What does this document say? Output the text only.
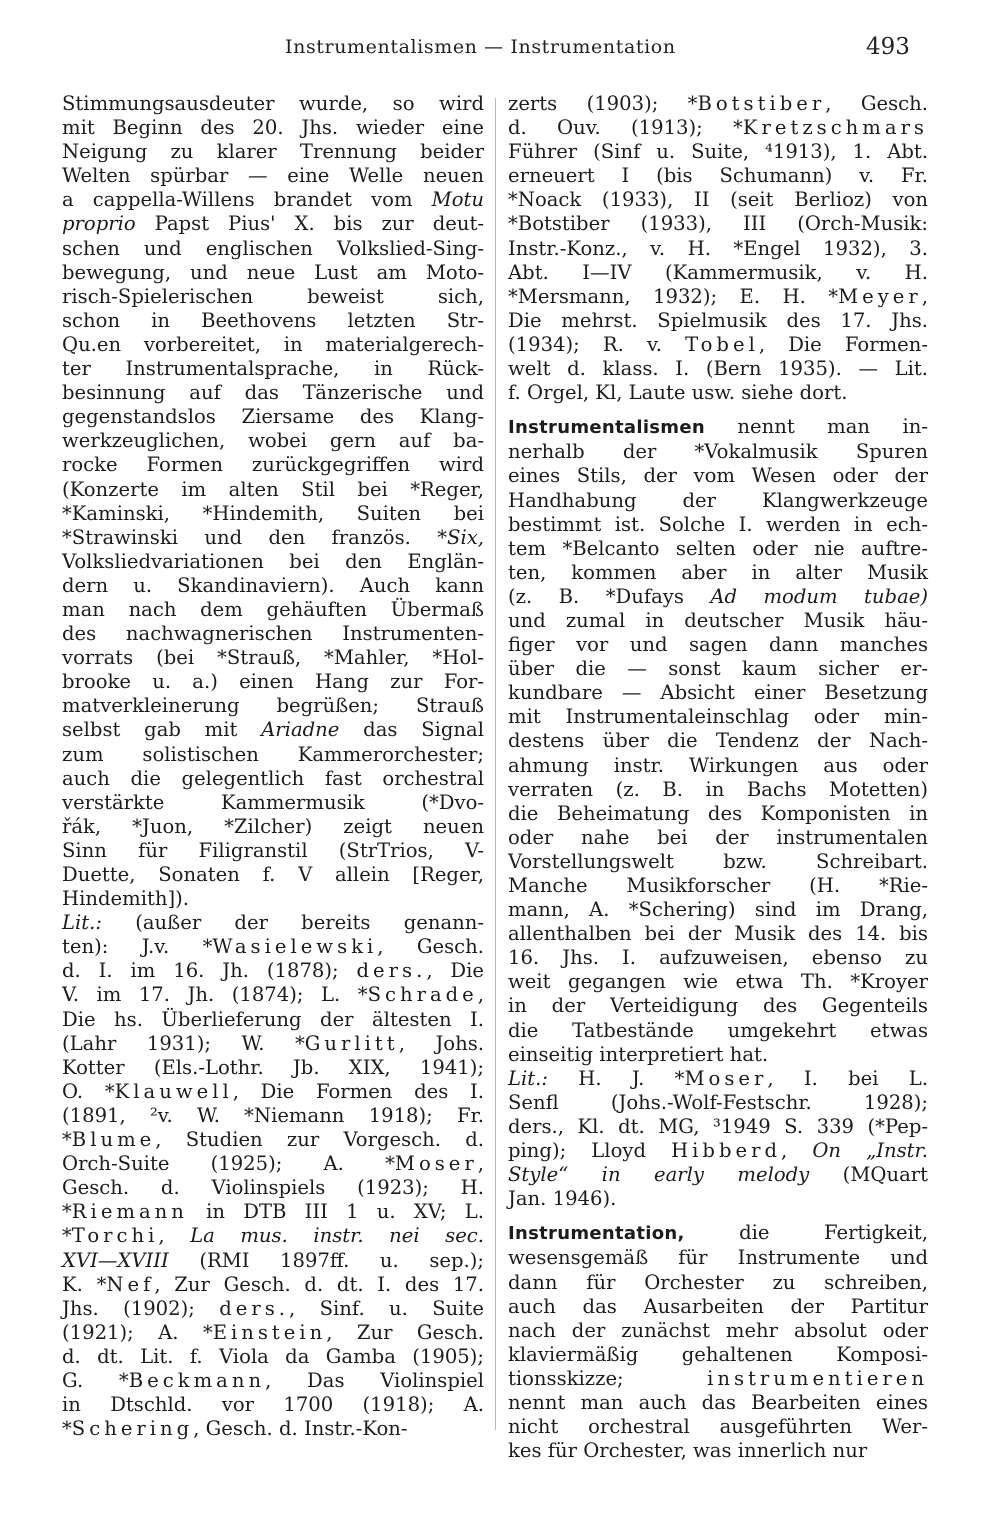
Instrumentalismen — Instrumentation	493
Stimmungsausdeuter wurde, so wird
mit Beginn des 20. Jhs. wieder eine
Neigung zu klarer Trennung beider
Welten spürbar — eine Welle neuen
a cappella-Willens brandet vom Motu
proprio Papst Pius' X. bis zur deut-
schen und englischen Volkslied-Sing-
bewegung, und neue Lust am Moto-
risch-Spielerischen beweist sich,
schon in Beethovens letzten Str-
Qu.en vorbereitet, in materialgerech-
ter Instrumentalsprache, in Rück-
besinnung auf das Tänzerische und
gegenstandslos Ziersame des Klang-
werkzeuglichen, wobei gern auf ba-
rocke Formen zurückgegriffen wird
(Konzerte im alten Stil bei *Reger,
*Kaminski, *Hindemith, Suiten bei
*Strawinski und den französ. *Six,
Volksliedvariationen bei den Englän-
dern u. Skandinaviern). Auch kann
man nach dem gehäuften Übermaß
des nachwagnerischen Instrumenten-
vorrats (bei *Strauß, *Mahler, *Hol-
brooke u. a.) einen Hang zur For-
matverkleinerung begrüßen; Strauß
selbst gab mit Ariadne das Signal
zum solistischen Kammerorchester;
auch die gelegentlich fast orchestral
verstärkte Kammermusik (*Dvo-
řák, *Juon, *Zilcher) zeigt neuen
Sinn für Filigranstil (StrTrios, V-
Duette, Sonaten f. V allein [Reger,
Hindemith]).
Lit.: (außer der bereits genann-
ten): J.v. *Wasielewski, Gesch.
d. I. im 16. Jh. (1878); ders., Die
V. im 17. Jh. (1874); L. *Schrade,
Die hs. Überlieferung der ältesten I.
(Lahr 1931); W. *Gurlitt, Johs.
Kotter (Els.-Lothr. Jb. XIX, 1941);
O. *Klauwell, Die Formen des I.
(1891, ²v. W. *Niemann 1918); Fr.
*Blume, Studien zur Vorgesch. d.
Orch-Suite (1925); A. *Moser,
Gesch. d. Violinspiels (1923); H.
*Riemann in DTB III 1 u. XV; L.
*Torchi, La mus. instr. nei sec.
XVI—XVIII (RMI 1897ff. u. sep.);
K. *Nef, Zur Gesch. d. dt. I. des 17.
Jhs. (1902); ders., Sinf. u. Suite
(1921); A. *Einstein, Zur Gesch.
d. dt. Lit. f. Viola da Gamba (1905);
G. *Beckmann, Das Violinspiel
in Dtschld. vor 1700 (1918); A.
*Schering, Gesch. d. Instr.-Kon-
zerts (1903); *Botstiber, Gesch.
d. Ouv. (1913); *Kretzschmars
Führer (Sinf u. Suite, ⁴1913), 1. Abt.
erneuert I (bis Schumann) v. Fr.
*Noack (1933), II (seit Berlioz) von
*Botstiber (1933), III (Orch-Musik:
Instr.-Konz., v. H. *Engel 1932), 3.
Abt. I—IV (Kammermusik, v. H.
*Mersmann, 1932); E. H. *Meyer,
Die mehrst. Spielmusik des 17. Jhs.
(1934); R. v. Tobel, Die Formen-
welt d. klass. I. (Bern 1935). — Lit.
f. Orgel, Kl, Laute usw. siehe dort.
Instrumentalismen nennt man in-
nerhalb der *Vokalmusik Spuren
eines Stils, der vom Wesen oder der
Handhabung der Klangwerkzeuge
bestimmt ist. Solche I. werden in ech-
tem *Belcanto selten oder nie auftre-
ten, kommen aber in alter Musik
(z. B. *Dufays Ad modum tubae)
und zumal in deutscher Musik häu-
figer vor und sagen dann manches
über die — sonst kaum sicher er-
kundbare — Absicht einer Besetzung
mit Instrumentaleinschlag oder min-
destens über die Tendenz der Nach-
ahmung instr. Wirkungen aus oder
verraten (z. B. in Bachs Motetten)
die Beheimatung des Komponisten in
oder nahe bei der instrumentalen
Vorstellungswelt bzw. Schreibart.
Manche Musikforscher (H. *Rie-
mann, A. *Schering) sind im Drang,
allenthalben bei der Musik des 14. bis
16. Jhs. I. aufzuweisen, ebenso zu
weit gegangen wie etwa Th. *Kroyer
in der Verteidigung des Gegenteils
die Tatbestände umgekehrt etwas
einseitig interpretiert hat.
Lit.: H. J. *Moser, I. bei L.
Senfl (Johs.-Wolf-Festschr. 1928);
ders., Kl. dt. MG, ³1949 S. 339 (*Pep-
ping); Lloyd Hibberd, On „Instr.
Style“ in early melody (MQuart
Jan. 1946).
Instrumentation, die Fertigkeit,
wesensgemäß für Instrumente und
dann für Orchester zu schreiben,
auch das Ausarbeiten der Partitur
nach der zunächst mehr absolut oder
klaviermäßig gehaltenen Komposi-
tionsskizze; instrumentieren
nennt man auch das Bearbeiten eines
nicht orchestral ausgeführten Wer-
kes für Orchester, was innerlich nur
